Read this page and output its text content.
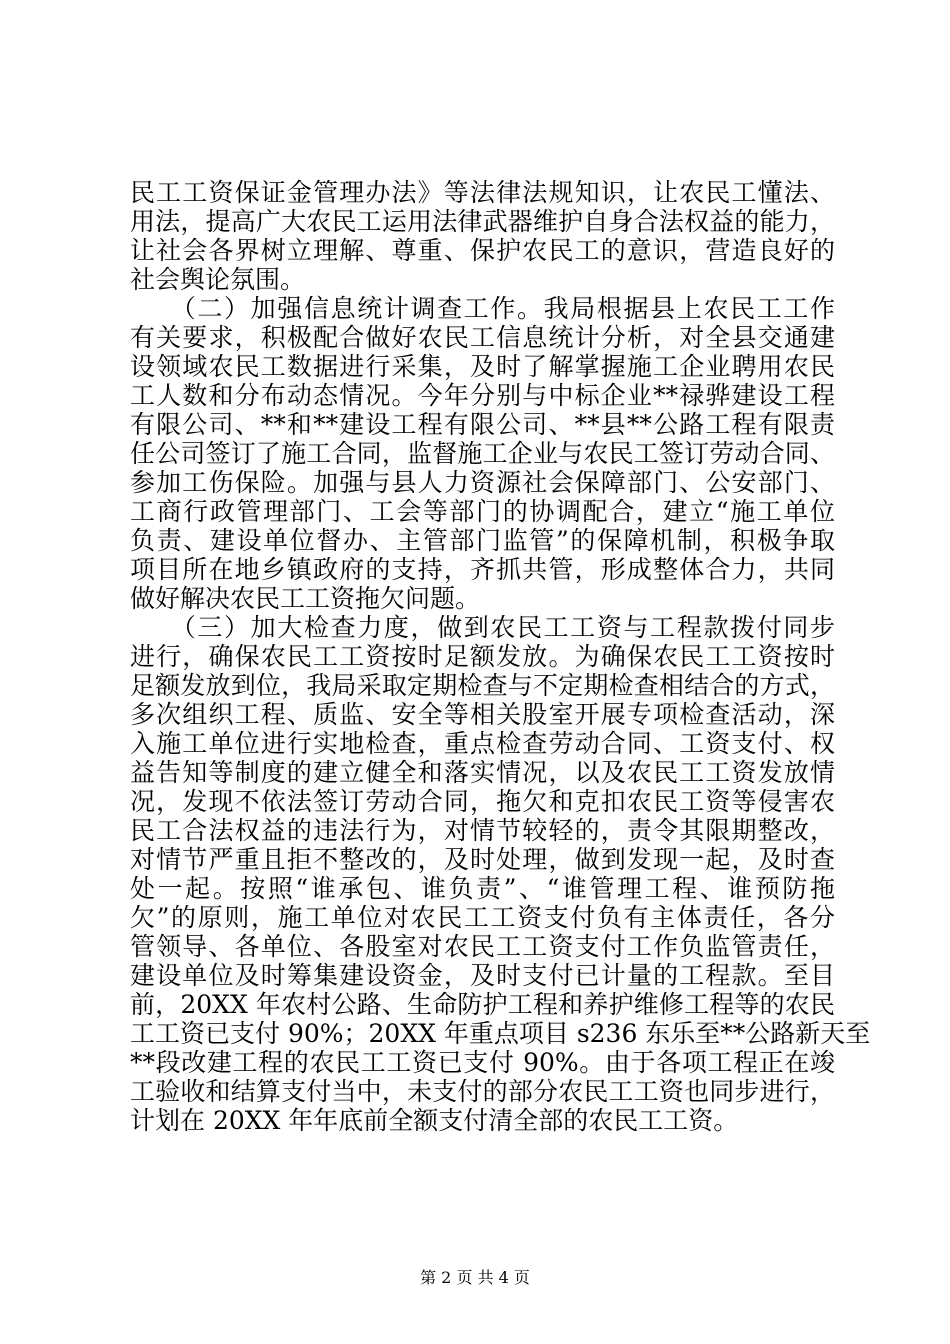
民工工资保证金管理办法》等法律法规知识，让农民工懂法、
用法，提高广大农民工运用法律武器维护自身合法权益的能力，
让社会各界树立理解、尊重、保护农民工的意识，营造良好的
社会舆论氛围。
　　（二）加强信息统计调查工作。我局根据县上农民工工作
有关要求，积极配合做好农民工信息统计分析，对全县交通建
设领域农民工数据进行采集，及时了解掌握施工企业聘用农民
工人数和分布动态情况。今年分别与中标企业**禄骅建设工程
有限公司、**和**建设工程有限公司、**县**公路工程有限责
任公司签订了施工合同，监督施工企业与农民工签订劳动合同、
参加工伤保险。加强与县人力资源社会保障部门、公安部门、
工商行政管理部门、工会等部门的协调配合，建立“施工单位
负责、建设单位督办、主管部门监管”的保障机制，积极争取
项目所在地乡镇政府的支持，齐抓共管，形成整体合力，共同
做好解决农民工工资拖欠问题。
　　（三）加大检查力度，做到农民工工资与工程款拨付同步
进行，确保农民工工资按时足额发放。为确保农民工工资按时
足额发放到位，我局采取定期检查与不定期检查相结合的方式，
多次组织工程、质监、安全等相关股室开展专项检查活动，深
入施工单位进行实地检查，重点检查劳动合同、工资支付、权
益告知等制度的建立健全和落实情况，以及农民工工资发放情
况，发现不依法签订劳动合同，拖欠和克扣农民工资等侵害农
民工合法权益的违法行为，对情节较轻的，责令其限期整改，
对情节严重且拒不整改的，及时处理，做到发现一起，及时查
处一起。按照“谁承包、谁负责”、“谁管理工程、谁预防拖
欠”的原则，施工单位对农民工工资支付负有主体责任，各分
管领导、各单位、各股室对农民工工资支付工作负监管责任，
建设单位及时筹集建设资金，及时支付已计量的工程款。至目
前，20XX 年农村公路、生命防护工程和养护维修工程等的农民
工工资已支付 90%；20XX 年重点项目 s236 东乐至**公路新天至
**段改建工程的农民工工资已支付 90%。由于各项工程正在竣
工验收和结算支付当中，未支付的部分农民工工资也同步进行，
计划在 20XX 年年底前全额支付清全部的农民工工资。
第 2 页 共 4 页
